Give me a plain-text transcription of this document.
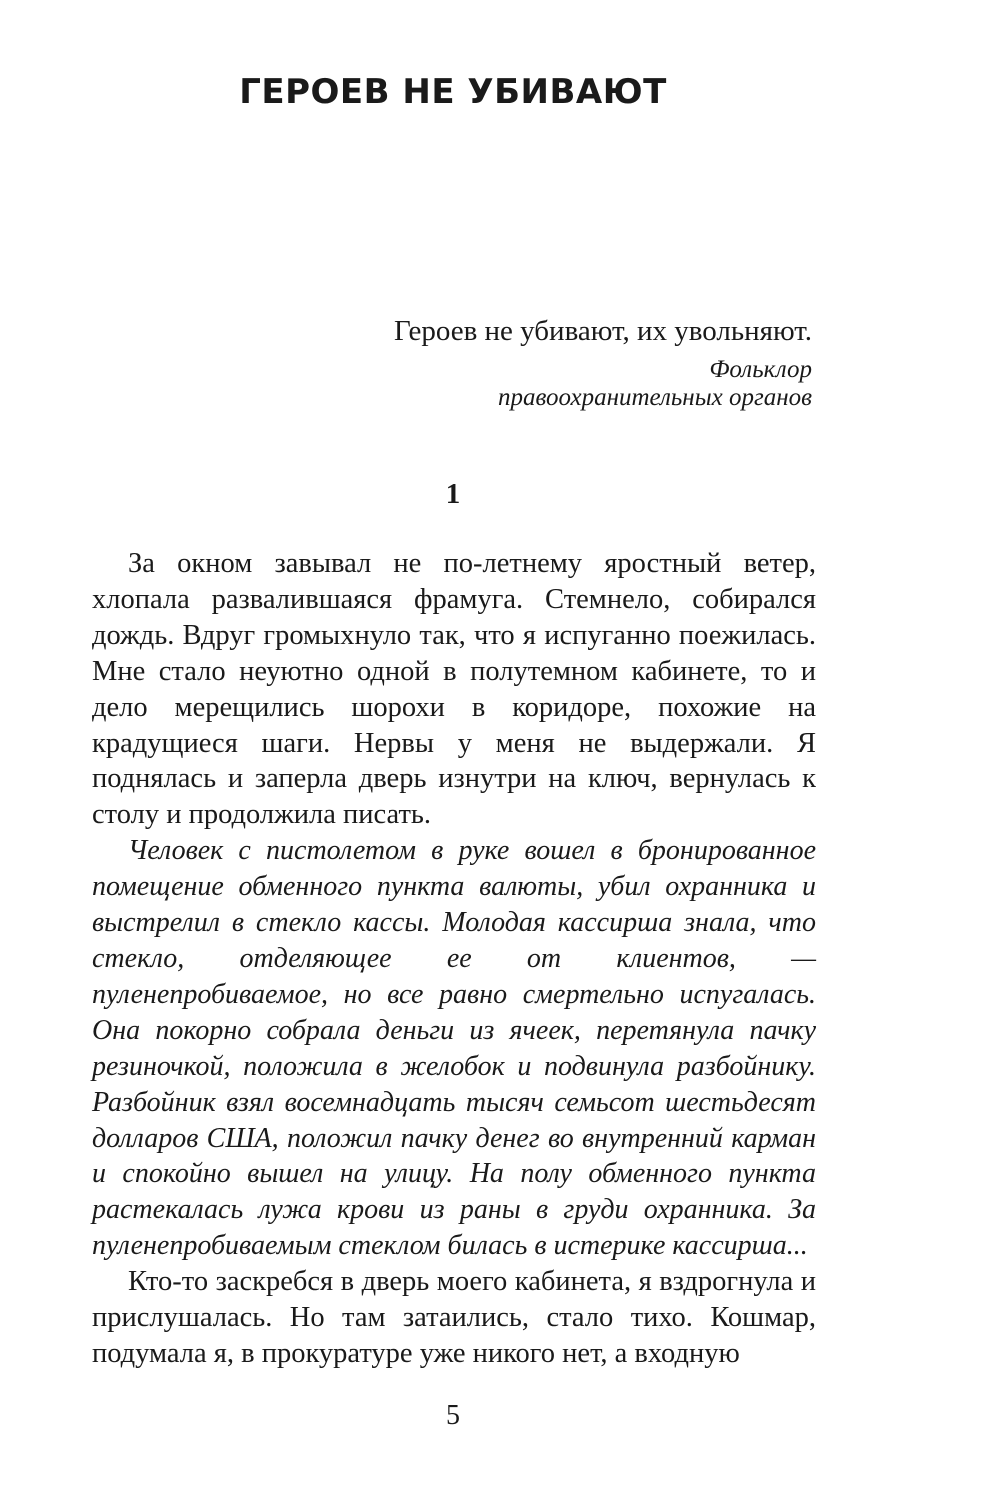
ГЕРОЕВ НЕ УБИВАЮТ
Героев не убивают, их увольняют.
Фольклор
правоохранительных органов
1

За окном завывал не по-летнему яростный ветер, хлопала развалившаяся фрамуга. Стемнело, собирался дождь. Вдруг громыхнуло так, что я испуганно поежилась. Мне стало неуютно одной в полутемном кабинете, то и дело мерещились шорохи в коридоре, похожие на крадущиеся шаги. Нервы у меня не выдержали. Я поднялась и заперла дверь изнутри на ключ, вернулась к столу и продолжила писать.

Человек с пистолетом в руке вошел в бронированное помещение обменного пункта валюты, убил охранника и выстрелил в стекло кассы. Молодая кассирша знала, что стекло, отделяющее ее от клиентов, — пуленепробиваемое, но все равно смертельно испугалась. Она покорно собрала деньги из ячеек, перетянула пачку резиночкой, положила в желобок и подвинула разбойнику. Разбойник взял восемнадцать тысяч семьсот шестьдесят долларов США, положил пачку денег во внутренний карман и спокойно вышел на улицу. На полу обменного пункта растекалась лужа крови из раны в груди охранника. За пуленепробиваемым стеклом билась в истерике кассирша...

Кто-то заскребся в дверь моего кабинета, я вздрогнула и прислушалась. Но там затаились, стало тихо. Кошмар, подумала я, в прокуратуре уже никого нет, а входную

5
